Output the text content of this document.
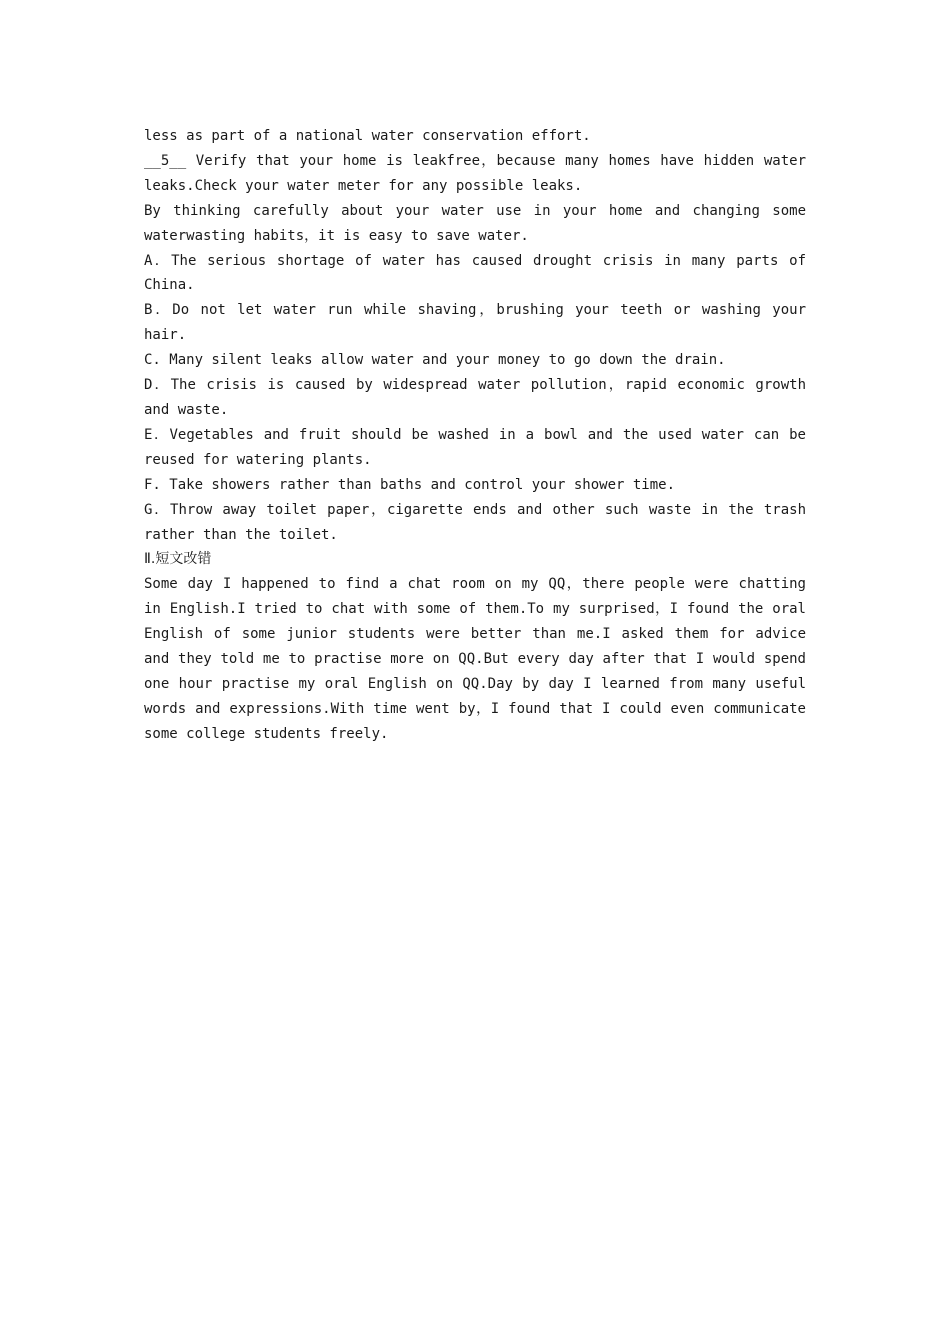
less as part of a national water conservation effort.

__5__ Verify that your home is leakfree，because many homes have hidden water leaks.Check your water meter for any possible leaks.

By thinking carefully about your water use in your home and changing some waterwasting habits，it is easy to save water.

A．The serious shortage of water has caused drought crisis in many parts of China.

B．Do not let water run while shaving，brushing your teeth or washing your hair.

C. Many silent leaks allow water and your money to go down the drain.

D．The crisis is caused by widespread water pollution，rapid economic growth and waste.

E．Vegetables and fruit should be washed in a bowl and the used water can be reused for watering plants.

F. Take showers rather than baths and control your shower time.

G．Throw away toilet paper，cigarette ends and other such waste in the trash rather than the toilet.

Ⅱ.短文改错

Some day I happened to find a chat room on my QQ，there people were chatting in English.I tried to chat with some of them.To my surprised，I found the oral English of some junior students were better than me.I asked them for advice and they told me to practise more on QQ.But every day after that I would spend one hour practise my oral English on QQ.Day by day I learned from many useful words and expressions.With time went by，I found that I could even communicate some college students freely.
